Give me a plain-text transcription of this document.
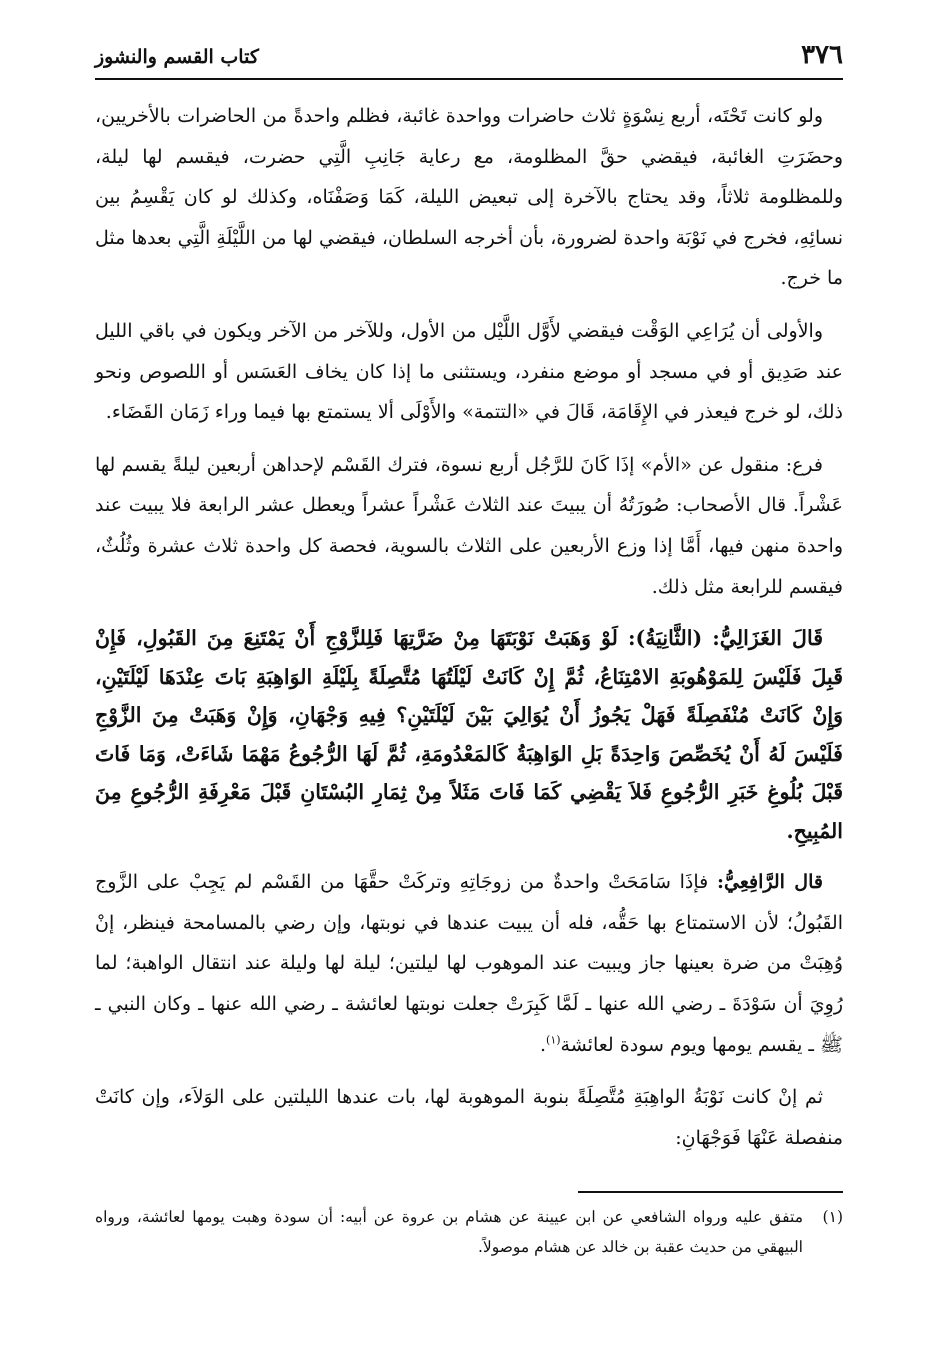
٣٧٦
كتاب القسم والنشوز

ولو كانت تَحْتَه، أربع نِسْوَةٍ ثلاث حاضرات وواحدة غائبة، فظلم واحدةً من الحاضرات بالأخريين، وحضَرَتِ الغائبة، فيقضي حقَّ المظلومة، مع رعاية جَانِبِ الَّتِي حضرت، فيقسم لها ليلة، وللمظلومة ثلاثاً، وقد يحتاج بالآخرة إلى تبعيض الليلة، كَمَا وَصَفْنَاه، وكذلك لو كان يَقْسِمُ بين نسائِهِ، فخرج في نَوْبَة واحدة لضرورة، بأن أخرجه السلطان، فيقضي لها من اللَّيْلَةِ الَّتِي بعدها مثل ما خرج.

والأولى أن يُرَاعِي الوَقْت فيقضي لأَوَّل اللَّيْل من الأول، وللآخر من الآخر ويكون في باقي الليل عند صَدِيق أو في مسجد أو موضع منفرد، ويستثنى ما إذا كان يخاف العَسَس أو اللصوص ونحو ذلك، لو خرج فيعذر في الإِقَامَة، قَالَ في «التتمة» والأَوْلَى ألا يستمتع بها فيما وراء زَمَان القَضَاء.

فرع: منقول عن «الأم» إذَا كَانَ للرَّجُل أربع نسوة، فترك القَسْم لإحداهن أربعين ليلةً يقسم لها عَشْراً. قال الأصحاب: صُورَتُهُ أن يبيتَ عند الثلاث عَشْراً عشراً ويعطل عشر الرابعة فلا يبيت عند واحدة منهن فيها، أَمَّا إذا وزع الأربعين على الثلاث بالسوية، فحصة كل واحدة ثلاث عشرة وثُلُثٌ، فيقسم للرابعة مثل ذلك.

قَالَ الغَزَالِيُّ: (الثَّانِيَةُ): لَوْ وَهَبَتْ نَوْبَتَهَا مِنْ ضَرَّتِهَا فَلِلزَّوْجِ أَنْ يَمْتَنِعَ مِنَ القَبُولِ، فَإِنْ قَبِلَ فَلَيْسَ لِلمَوْهُوبَةِ الامْتِنَاعُ، ثُمَّ إِنْ كَانَتْ لَيْلَتُهَا مُتَّصِلَةً بِلَيْلَةِ الوَاهِبَةِ بَاتَ عِنْدَهَا لَيْلَتَيْنِ، وَإِنْ كَانَتْ مُنْفَصِلَةً فَهَلْ يَجُوزُ أَنْ يُوَالِيَ بَيْنَ لَيْلَتَيْنِ؟ فِيهِ وَجْهَانِ، وَإِنْ وَهَبَتْ مِنَ الزَّوْجِ فَلَيْسَ لَهُ أَنْ يُخَصِّصَ وَاحِدَةً بَلِ الوَاهِبَةُ كَالمَعْدُومَةِ، ثُمَّ لَهَا الرُّجُوعُ مَهْمَا شَاءَتْ، وَمَا فَاتَ قَبْلَ بُلُوغِ خَبَرِ الرُّجُوعِ فَلاَ يَقْضِي كَمَا فَاتَ مَثَلاً مِنْ ثِمَارِ البُسْتَانِ قَبْلَ مَعْرِفَةِ الرُّجُوعِ مِنَ المُبِيحِ.

قال الرَّافِعِيُّ: فإذَا سَامَحَتْ واحدةٌ من زوجَاتِهِ وتركَتْ حقَّهَا من القَسْم لم يَجِبْ على الزَّوج القَبُولُ؛ لأن الاستمتاع بها حَقُّه، فله أن يبيت عندها في نوبتها، وإن رضي بالمسامحة فينظر، إنْ وُهِبَتْ من ضرة بعينها جاز ويبيت عند الموهوب لها ليلتين؛ ليلة لها وليلة عند انتقال الواهبة؛ لما رُوِيَ أن سَوْدَةَ ـ رضي الله عنها ـ لَمَّا كَبِرَتْ جعلت نوبتها لعائشة ـ رضي الله عنها ـ وكان النبي ـ ﷺ ـ يقسم يومها ويوم سودة لعائشة$^{(١)}$.

ثم إنْ كانت نَوْبَةُ الواهِبَةِ مُتَّصِلَةً بنوبة الموهوبة لها، بات عندها الليلتين على الوَلاَء، وإن كانَتْ منفصلة عَنْهَا فَوَجْهَانِ:

(١)
متفق عليه ورواه الشافعي عن ابن عيينة عن هشام بن عروة عن أبيه: أن سودة وهبت يومها لعائشة، ورواه البيهقي من حديث عقبة بن خالد عن هشام موصولاً.
